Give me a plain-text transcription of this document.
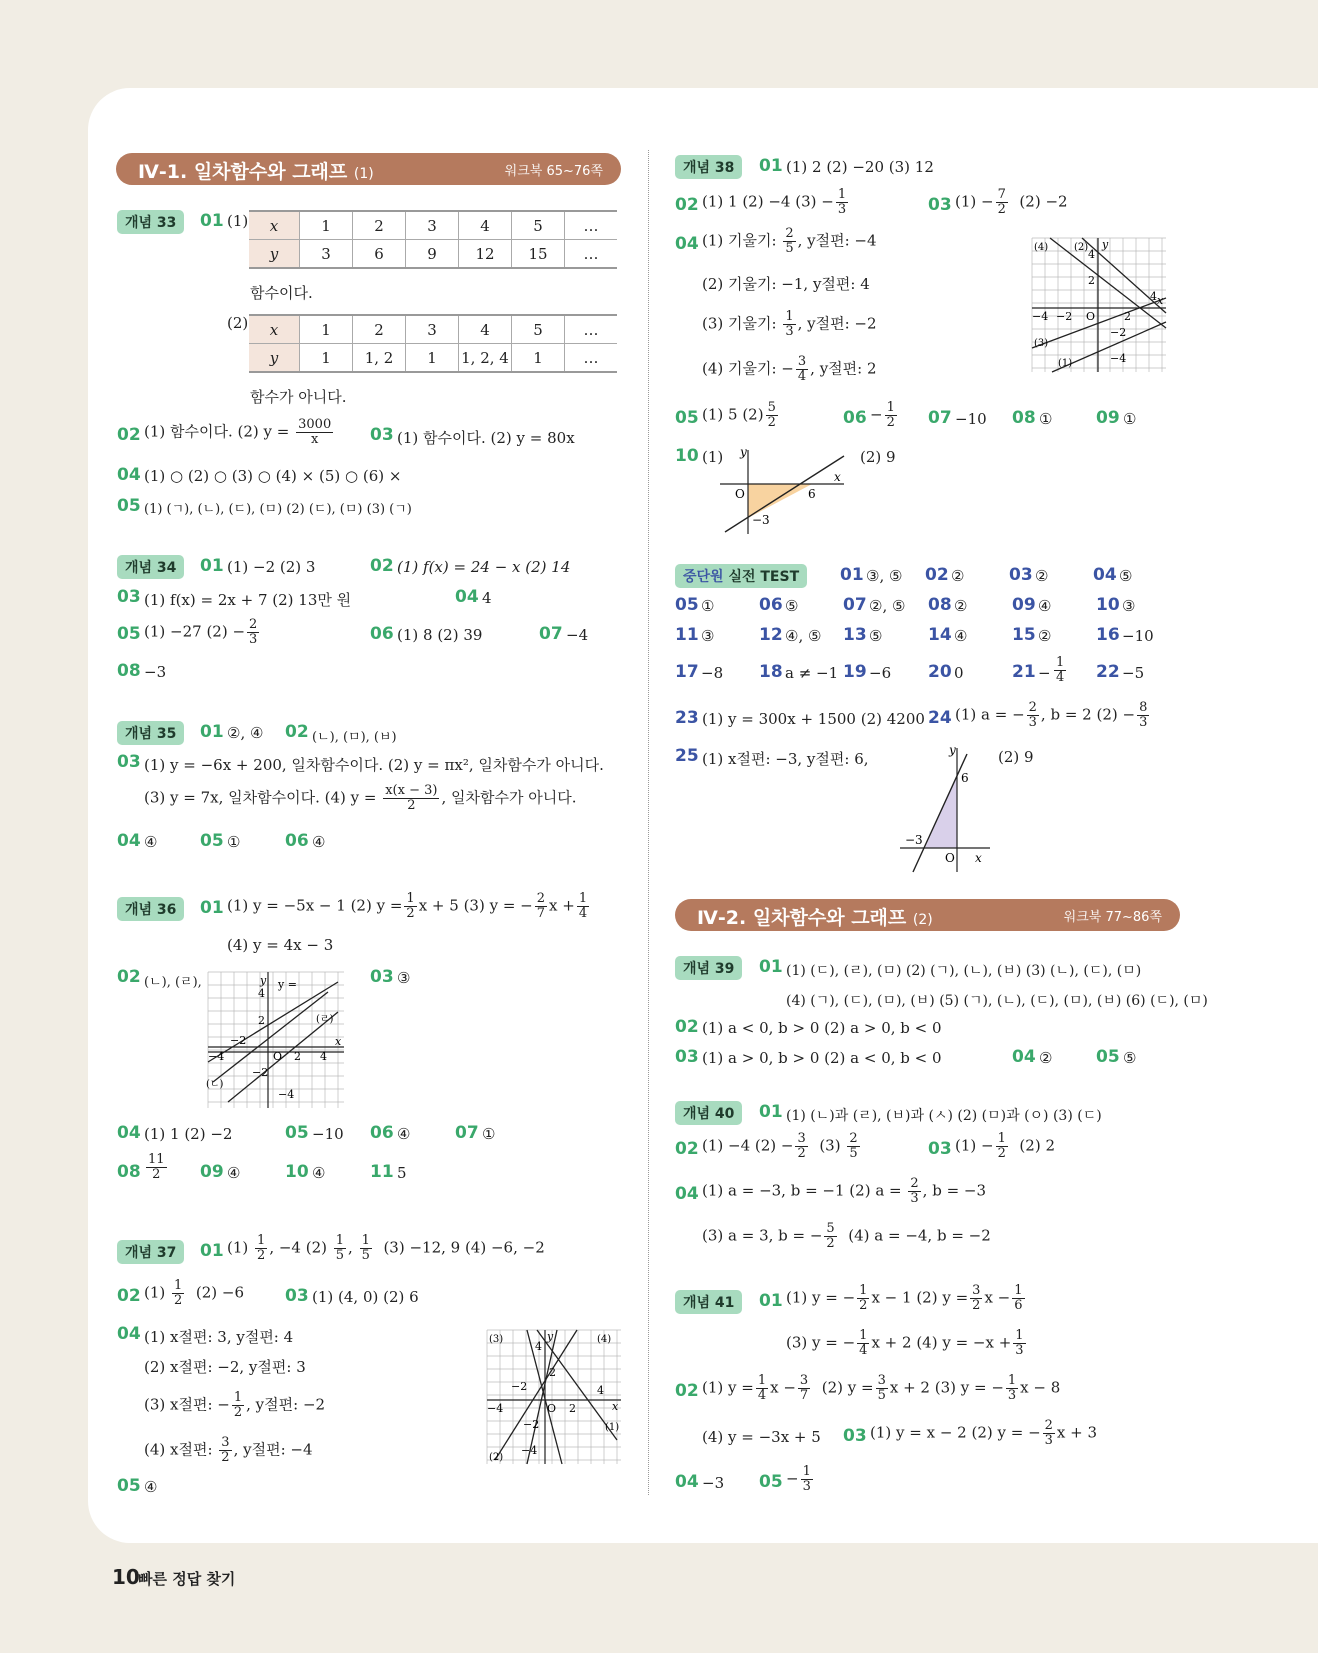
Ⅳ-1. 일차함수와 그래프 (1)	워크북 65~76쪽
개념 33	01 (1) x	1	2	3	4	5	…
y	3	6	9	12	15	…
함수이다.
(2) x	1	2	3	4	5	…
y	1	1, 2	1	1, 2, 4	1	…
함수가 아니다.
02 (1) 함수이다. (2) $y = \frac{3000}{x} 03$ (1) 함수이다. (2) y = 80x
04 (1) ○ (2) ○ (3) ○ (4) × (5) ○ (6) ×
05 (1) (ㄱ), (ㄴ), (ㄷ), (ㅁ) (2) (ㄷ), (ㅁ) (3) (ㄱ)
개념 34	01 (1) −2 (2) 3	02 (1) f(x) = 24 − x (2) 14
03 (1) f(x) = 2x + 7 (2) 13만 원	04 4
05 (1) −27 $(2) - \frac{2}{3}$	06 (1) 8 (2) 39	07 −4
08 −3
개념 35	01 ②, ④ 02 (ㄴ), (ㅁ), (ㅂ)
03 (1) y = −6x + 200, 일차함수이다. (2) y = πx², 일차함수가 아니다.
(3) y = 7x, 일차함수이다. (4) $y = \frac{x(x - 3)}{2}$ , 일차함수가 아니다.
04 ④	05 ①	06 ④
개념 36	01 (1) y = −5x − 1 (2) $y = \frac{1}{2}$ x + 5 (3) y = − $\frac{2}{7}$ $x + \frac{1}{4}$
(4) y = 4x − 3
02 (ㄴ), (ㄹ),	03 ③
y
x
O
4
2
−2
−4	2 4
−2
−4
y =
(ㄹ)
(ㄴ)
04 (1) 1 (2) −2	05 −10 06 ④	07 ①
$08 \frac{11}{2} 09$ ④	10 ④	11 5
개념 37	01 $(1) \frac{1}{2}$ , −4 $(2) \frac{1}{5}$ , $\frac{1}{5} (3) -12$, 9 (4) −6, −2
02 $(1) \frac{1}{2} (2) -6$ 03 (1) (4, 0) (2) 6
04 (1) x절편: 3, y절편: 4
(2) x절편: −2, y절편: 3
(3) x절편: − $\frac{1}{2}$ , y절편: −2
(4) x절편: $\frac{3}{2}$ , y절편: −4
05 ④
(3)	(4)
(1)
(2)
y
x
O
4
2
−2
−4	2
4
−2
−4
개념 38	01 (1) 2 (2) −20 (3) 12
02 (1) 1 (2) −4 $(3) - \frac{1}{3}$	03 $(1) - \frac{7}{2} (2) -2$
04 (1) 기울기: $\frac{2}{5}$ , y절편: −4
(2) 기울기: −1, y절편: 4
(3) 기울기: $\frac{1}{3}$ , y절편: −2
(4) 기울기: − $\frac{3}{4}$ , y절편: 2
(4)	(2)
(3)
(1)
y
x
O
4
2
2
4
−4 −2
−2
−4
05 (1) 5 $(2) \frac{5}{2}$	$06 - \frac{1}{2} 07 -10$ 08 ①	09 ①
10 (1)	(2) 9
y
x
O	6
−3
중단원 실전 TEST	01 ③, ⑤ 02 ②	03 ②	04 ⑤
05 ①	06 ⑤	07 ②, ⑤ 08 ②	09 ④	10 ③
11 ③	12 ④, ⑤ 13 ⑤	14 ④	15 ②	16 −10
17 −8 18 a ≠ −1 19 −6 20 0	$21 - \frac{1}{4} 22 -5$
23 (1) y = 300x + 1500 (2) 4200 24 (1) a = − $\frac{2}{3}$ , b = 2 $(2) - \frac{8}{3}$
25 (1) x절편: −3, y절편: 6,	(2) 9
y
x
O
6
−3
Ⅳ-2. 일차함수와 그래프 (2)	워크북 77~86쪽
개념 39	01 (1) (ㄷ), (ㄹ), (ㅁ) (2) (ㄱ), (ㄴ), (ㅂ) (3) (ㄴ), (ㄷ), (ㅁ)
(4) (ㄱ), (ㄷ), (ㅁ), (ㅂ) (5) (ㄱ), (ㄴ), (ㄷ), (ㅁ), (ㅂ) (6) (ㄷ), (ㅁ)
02 (1) a < 0, b > 0 (2) a > 0, b < 0
03 (1) a > 0, b > 0 (2) a < 0, b < 0	04 ②	05 ⑤
개념 40	01 (1) (ㄴ)과 (ㄹ), (ㅂ)과 (ㅅ) (2) (ㅁ)과 (ㅇ) (3) (ㄷ)
02 (1) −4 $(2) - \frac{3}{2} (3) \frac{2}{5}$	03 $(1) - \frac{1}{2} (2)$ 2
04 (1) a = −3, b = −1 (2) $a = \frac{2}{3}$ , b = −3
(3) a = 3, b = − $\frac{5}{2} (4) a = -4$, b = −2
개념 41	01 (1) y = − $\frac{1}{2}$ x − 1 (2) $y = \frac{3}{2}$ $x - \frac{1}{6}$
(3) y = − $\frac{1}{4}$ x + 2 (4) $y = -x + \frac{1}{3}$
02 (1) $y = \frac{1}{4}$ $x - \frac{3}{7} (2) y = \frac{3}{5}$ x + 2 (3) y = − $\frac{1}{3}$ x − 8
(4) y = −3x + 5 03 (1) y = x − 2 (2) y = − $\frac{2}{3}$ x + 3
04 −3 $05 - \frac{1}{3}$
10
빠른 정답 찾기
